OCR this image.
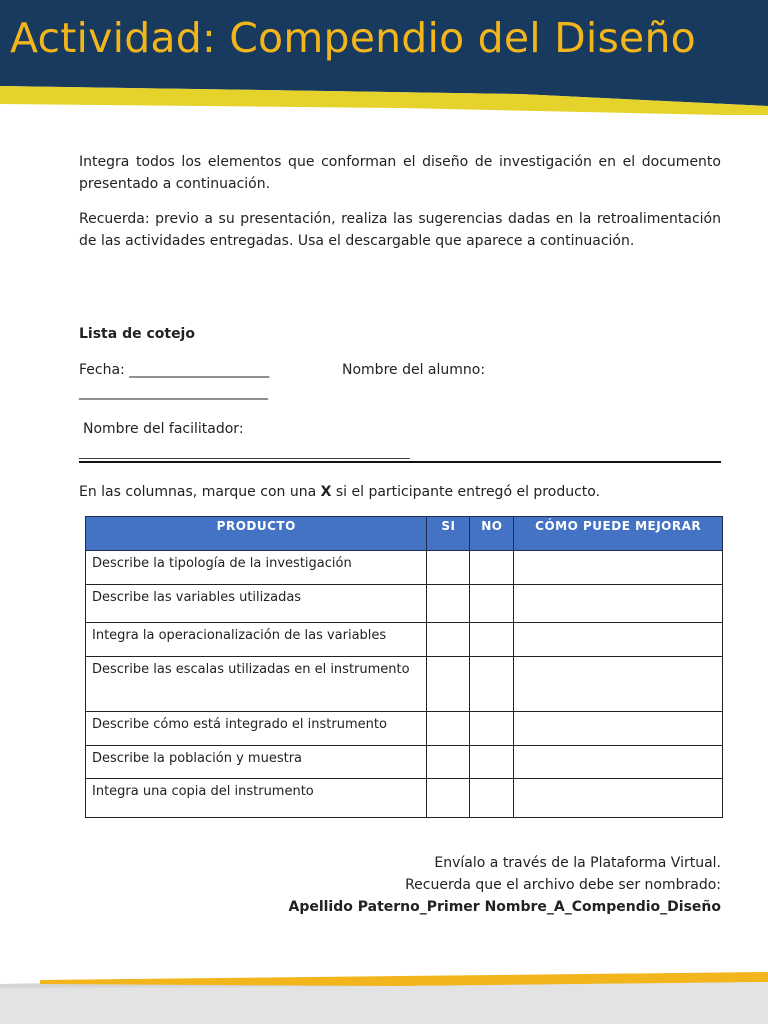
Actividad: Compendio del Diseño

Integra todos los elementos que conforman el diseño de investigación en el documento presentado a continuación.

Recuerda: previo a su presentación, realiza las sugerencias dadas en la retroalimentación de las actividades entregadas. Usa el descargable que aparece a continuación.

Lista de cotejo
Fecha: ____________________	Nombre del alumno:
___________________________
Nombre del facilitador:
__________________________________________________________
En las columnas, marque con una X si el participante entregó el producto.
PRODUCTO	SI	NO	CÓMO PUEDE MEJORAR
Describe la tipología de la investigación			
Describe las variables utilizadas			
Integra la operacionalización de las variables			
Describe las escalas utilizadas en el instrumento			
Describe cómo está integrado el instrumento			
Describe la población y muestra			
Integra una copia del instrumento			
Envíalo a través de la Plataforma Virtual.
Recuerda que el archivo debe ser nombrado:
Apellido Paterno_Primer Nombre_A_Compendio_Diseño
